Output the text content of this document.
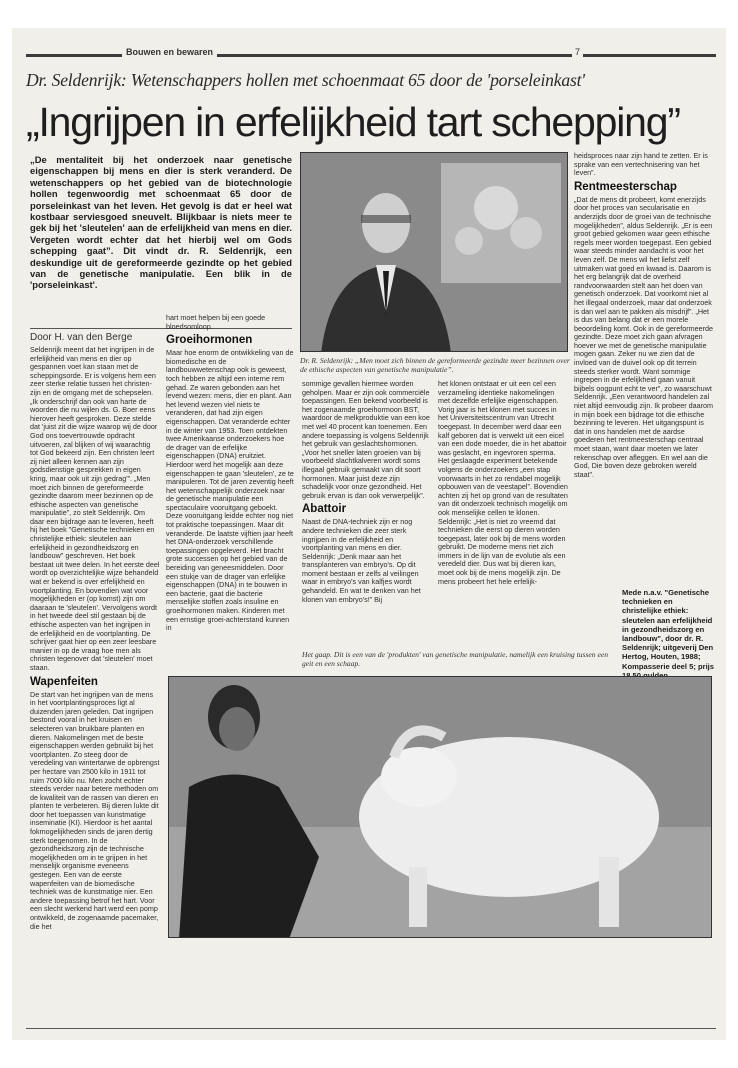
Bouwen en bewaren	7
Dr. Seldenrijk: Wetenschappers hollen met schoenmaat 65 door de 'porseleinkast'
„Ingrijpen in erfelijkheid tart schepping”
„De mentaliteit bij het onderzoek naar genetische eigenschappen bij mens en dier is sterk veranderd. De wetenschappers op het gebied van de biotechnologie hollen tegenwoordig met schoenmaat 65 door de porseleinkast van het leven. Het gevolg is dat er heel wat kostbaar serviesgoed sneuvelt. Blijkbaar is niets meer te gek bij het 'sleutelen' aan de erfelijkheid van mens en dier. Vergeten wordt echter dat het hierbij wel om Gods schepping gaat”. Dit vindt dr. R. Seldenrijk, een deskundige uit de gereformeerde gezindte op het gebied van de genetische manipulatie. Een blik in de 'porseleinkast'.
Door H. van den Berge

Seldenrijk meent dat het ingrijpen in de erfelijkheid van mens en dier op gespannen voet kan staan met de scheppingsorde. Er is volgens hem een zeer sterke relatie tussen het christen-zijn en de omgang met de schepselen. „Ik onderschrijf dan ook van harte de woorden die nu wijlen ds. G. Boer eens hierover heeft gesproken. Deze stelde dat 'juist zit die wijze waarop wij de door God ons toevertrouwde opdracht uitvoeren, zal blijken of wij waarachtig tot God bekeerd zijn. Een christen leert zij niet alleen kennen aan zijn godsdienstige gesprekken in eigen kring, maar ook uit zijn gedrag'”. „Men moet zich binnen de gereformeerde gezindte daarom meer bezinnen op de ethische aspecten van genetische manipulatie”, zo stelt Seldenrijk. Om daar een bijdrage aan te leveren, heeft hij het boek "Genetische technieken en christelijke ethiek: sleutelen aan erfelijkheid in gezondheidszorg en landbouw" geschreven. Het boek bestaat uit twee delen. In het eerste deel wordt op overzichtelijke wijze behandeld wat er bekend is over erfelijkheid en voortplanting. En bovendien wat voor mogelijkheden er (op komst) zijn om daaraan te 'sleutelen'. Vervolgens wordt in het tweede deel stil gestaan bij de ethische aspecten van het ingrijpen in de erfelijkheid en de voortplanting. De schrijver gaat hier op een zeer leesbare manier in op de vraag hoe men als christen tegenover dat 'sleutelen' moet staan.

Wapenfeiten

De start van het ingrijpen van de mens in het voortplantingsproces ligt al duizenden jaren geleden. Dat ingrijpen bestond vooral in het kruisen en selecteren van bruikbare planten en dieren. Nakomelingen met de beste eigenschappen werden gebruikt bij het voortplanten. Zo steeg door de veredeling van wintertarwe de opbrengst per hectare van 2500 kilo in 1911 tot ruim 7000 kilo nu. Men zocht echter steeds verder naar betere methoden om de kwaliteit van de rassen van dieren en planten te verbeteren. Bij dieren lukte dit door het toepassen van kunstmatige inseminatie (KI). Hierdoor is het aantal fokmogelijkheden sinds de jaren dertig sterk toegenomen. In de gezondheidszorg zijn de technische mogelijkheden om in te grijpen in het menselijk organisme eveneens gestegen. Een van de eerste wapenfeiten van de biomedische techniek was de kunstmatige nier. Een andere toepassing betrof het hart. Voor een slecht werkend hart werd een pomp ontwikkeld, de zogenaamde pacemaker, die het

hart moet helpen bij een goede bloedsomloop.

Groeihormonen

Maar hoe enorm de ontwikkeling van de biomedische en de landbouwwetenschap ook is geweest, toch hebben ze altijd een interne rem gehad. Ze waren gebonden aan het levend wezen: mens, dier en plant. Aan het levend wezen viel niets te veranderen, dat had zijn eigen eigenschappen. Dat veranderde echter in de winter van 1953. Toen ontdekten twee Amerikaanse onderzoekers hoe de drager van de erfelijke eigenschappen (DNA) eruitziet. Hierdoor werd het mogelijk aan deze eigenschappen te gaan 'sleutelen', ze te manipuleren. Tot de jaren zeventig heeft het wetenschappelijk onderzoek naar de genetische manipulatie een spectaculaire vooruitgang geboekt. Deze vooruitgang leidde echter nog niet tot praktische toepassingen. Maar dit veranderde. De laatste vijftien jaar heeft het DNA-onderzoek verschillende toepassingen opgeleverd. Het bracht grote successen op het gebied van de bereiding van geneesmiddelen. Door een stukje van de drager van erfelijke eigenschappen (DNA) in te bouwen in een bacterie, gaat die bacterie menselijke stoffen zoals insuline en groeihormonen maken. Kinderen met een ernstige groei-achterstand kunnen in

Dr. R. Seldenrijk: „Men moet zich binnen de gereformeerde gezindte meer bezinnen over de ethische aspecten van genetische manipulatie”.

sommige gevallen hiermee worden geholpen. Maar er zijn ook commerciële toepassingen. Een bekend voorbeeld is het zogenaamde groeihormoon BST, waardoor de melkproduktie van een koe met wel 40 procent kan toenemen. Een andere toepassing is volgens Seldenrijk het gebruik van geslachtshormonen. „Voor het sneller laten groeien van bij voorbeeld slachtkalveren wordt soms illegaal gebruik gemaakt van dit soort hormonen. Maar juist deze zijn schadelijk voor onze gezondheid. Het gebruik ervan is dan ook verwerpelijk”.

Abattoir

Naast de DNA-techniek zijn er nog andere technieken die zeer sterk ingrijpen in de erfelijkheid en voortplanting van mens en dier. Seldenrijk: „Denk maar aan het transplanteren van embryo's. Op dit moment bestaan er zelfs al veilingen waar in embryo's van kalfjes wordt gehandeld. En wat te denken van het klonen van embryo's!” Bij

het klonen ontstaat er uit een cel een verzameling identieke nakomelingen met dezelfde erfelijke eigenschappen. Vorig jaar is het klonen met succes in het Universiteitscentrum van Utrecht toegepast. In december werd daar een kalf geboren dat is verwekt uit een eicel van een dode moeder, die in het abattoir was geslacht, en ingevroren sperma. Het geslaagde experiment betekende volgens de onderzoekers „een stap voorwaarts in het zo rendabel mogelijk opbouwen van de veestapel”. Bovendien achten zij het op grond van de resultaten van dit onderzoek technisch mogelijk om ook menselijke cellen te klonen. Seldenrijk: „Het is niet zo vreemd dat technieken die eerst op dieren worden toegepast, later ook bij de mens worden gebruikt. De moderne mens riet zich immers in de lijn van de evolutie als een veredeld dier. Dus wat bij dieren kan, moet ook bij de mens mogelijk zijn. De mens probeert het hele erfelijk-

Het gaap. Dit is een van de 'produkten' van genetische manipulatie, namelijk een kruising tussen een geit en een schaap.

heidsproces naar zijn hand te zetten. Er is sprake van een vertechnisering van het leven”.

Rentmeesterschap

„Dat de mens dit probeert, komt enerzijds door het proces van secularisatie en anderzijds door de groei van de technische mogelijkheden”, aldus Seldenrijk. „Er is een groot gebied gekomen waar geen ethische regels meer worden toegepast. Een gebied waar steeds minder aandacht is voor het leven zelf. De mens wil het liefst zelf uitmaken wat goed en kwaad is. Daarom is het erg belangrijk dat de overheid randvoorwaarden stelt aan het doen van genetisch onderzoek. Dat voorkomt niet al het illegaal onderzoek, maar dat onderzoek is dan wel aan te pakken als misdrijf”. „Het is dus van belang dat er een morele beoordeling komt. Ook in de gereformeerde gezindte. Deze moet zich gaan afvragen hoever we met de genetische manipulatie mogen gaan. Zeker nu we zien dat de invloed van de duivel ook op dit terrein steeds sterker wordt. Want sommige ingrepen in de erfelijkheid gaan vanuit bijbels oogpunt echt te ver”, zo waarschuwt Seldenrijk. „Een verantwoord handelen zal niet altijd eenvoudig zijn. Ik probeer daarom in mijn boek een bijdrage tot die ethische bezinning te leveren. Het uitgangspunt is dat in ons handelen met de aardse goederen het rentmeesterschap centraal moet staan, want daar moeten we later rekenschap over afleggen. En wel aan die God, Die boven deze gebroken wereld staat”.

Mede n.a.v. "Genetische technieken en christelijke ethiek: sleutelen aan erfelijkheid in gezondheidszorg en landbouw", door dr. R. Seldenrijk; uitgeverij Den Hertog, Houten, 1988; Kompasserie deel 5; prijs
